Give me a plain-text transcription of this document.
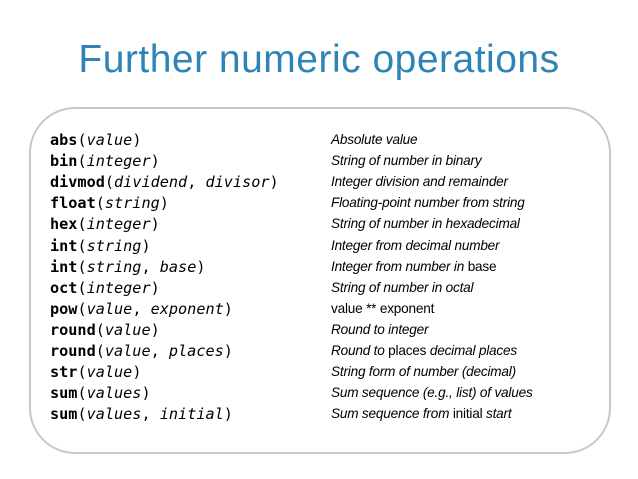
Further numeric operations
abs(value)	Absolute value
bin(integer)	String of number in binary
divmod(dividend, divisor)	Integer division and remainder
float(string)	Floating-point number from string
hex(integer)	String of number in hexadecimal
int(string)	Integer from decimal number
int(string, base)	Integer from number in base
oct(integer)	String of number in octal
pow(value, exponent)	value ** exponent
round(value)	Round to integer
round(value, places)	Round to places decimal places
str(value)	String form of number (decimal)
sum(values)	Sum sequence (e.g., list) of values
sum(values, initial)	Sum sequence from initial start
